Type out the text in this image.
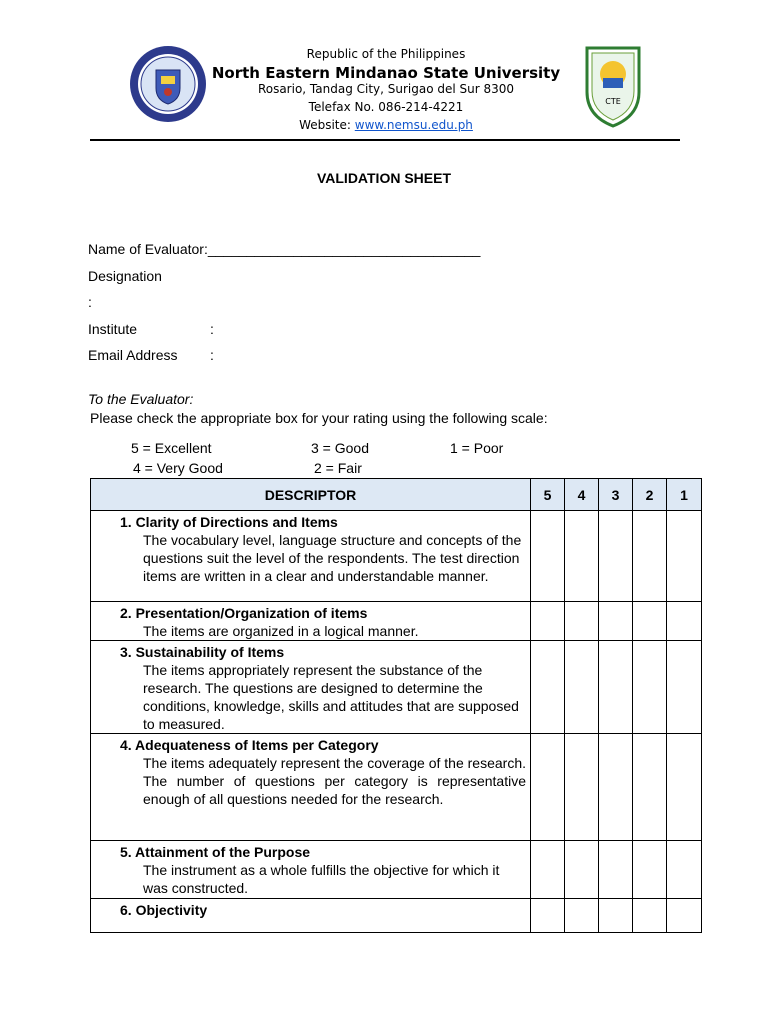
CTE
Republic of the Philippines
North Eastern Mindanao State University
Rosario, Tandag City, Surigao del Sur 8300
Telefax No. 086-214-4221
Website: www.nemsu.edu.ph
VALIDATION SHEET
Name of Evaluator:___________________________________
Designation
:
Institute	:
Email Address :
To the Evaluator:
Please check the appropriate box for your rating using the following scale:
5 = Excellent
4 = Very Good
3 = Good
2 = Fair
1 = Poor
DESCRIPTOR	5	4	3	2	1

1. Clarity of Directions and Items
The vocabulary level, language structure and concepts of the questions suit the level of the respondents. The test direction items are written in a clear and understandable manner.					

2. Presentation/Organization of items
The items are organized in a logical manner.					

3. Sustainability of Items
The items appropriately represent the substance of the research. The questions are designed to determine the conditions, knowledge, skills and attitudes that are supposed to measured.					

4. Adequateness of Items per Category
The items adequately represent the coverage of the research. The number of questions per category is representative enough of all questions needed for the research.					

5. Attainment of the Purpose
The instrument as a whole fulfills the objective for which it was constructed.					

6. Objectivity					
